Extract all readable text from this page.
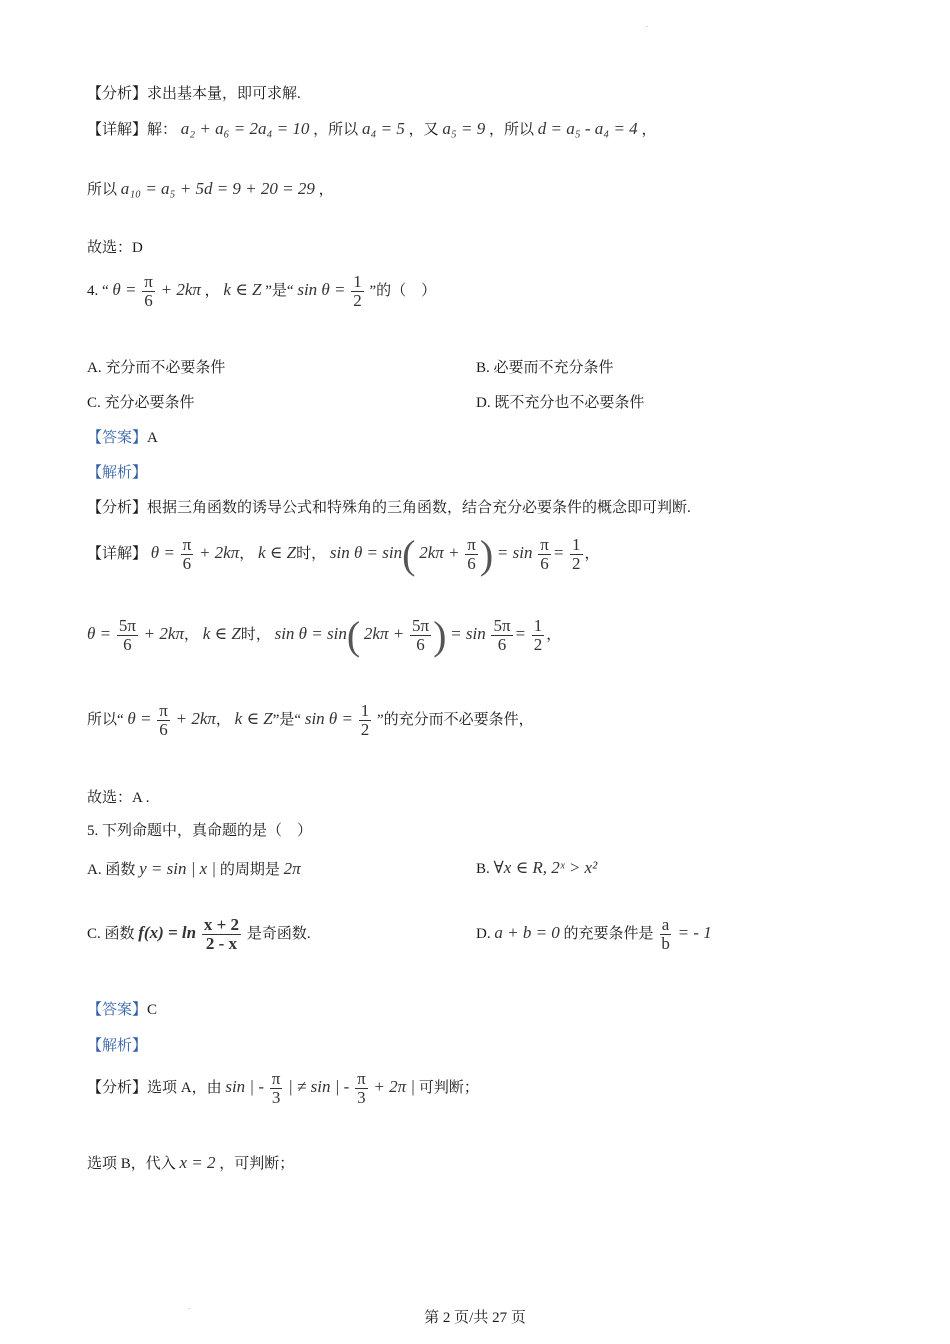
.
【分析】求出基本量，即可求解.
【详解】解： a₂ + a₆ = 2a₄ = 10 ，所以 a₄ = 5 ，又 a₅ = 9 ，所以 d = a₅ - a₄ = 4 ，
所以 a₁₀ = a₅ + 5d = 9 + 20 = 29 ，
故选：D
4. “ $\theta = \frac{\pi}{6} + 2k\pi$ ， k ∈ Z ”是“ $\sin \theta = \frac{1}{2}$ ”的（　）
A. 充分而不必要条件	B. 必要而不充分条件
C. 充分必要条件	D. 既不充分也不必要条件
【答案】A
【解析】
【分析】根据三角函数的诱导公式和特殊角的三角函数，结合充分必要条件的概念即可判断.
【详解】 $\theta = \frac{\pi}{6} + 2k\pi$， k ∈ Z时， sin θ = sin( $2k\pi + \frac{\pi}{6}$ ) = $\sin \frac{\pi}{6} = \frac{1}{2}$ ，
$\theta = \frac{5\pi}{6} + 2k\pi$， k ∈ Z时， sin θ = sin( $2k\pi + \frac{5\pi}{6}$ ) = $\sin \frac{5\pi}{6} = \frac{1}{2}$ ，
所以“ $\theta = \frac{\pi}{6} + 2k\pi$， k ∈ Z”是“ $\sin \theta = \frac{1}{2}$ ”的充分而不必要条件，
故选：A .
5. 下列命题中，真命题的是（　）
A. 函数 y = sin | x | 的周期是 2π	B. ∀x ∈ R, 2ˣ > x²
C. 函数 $f(x) = \ln \frac{x + 2}{2 - x}$ 是奇函数.	D. a + b = 0 的充要条件是 $\frac{a}{b}$ = - 1
【答案】C
【解析】
【分析】选项 A，由 sin | - $\frac{\pi}{3}$ | ≠ sin | - $\frac{\pi}{3} + 2\pi$ | 可判断；
选项 B，代入 x = 2 ，可判断；
.
第 2 页/共 27 页
